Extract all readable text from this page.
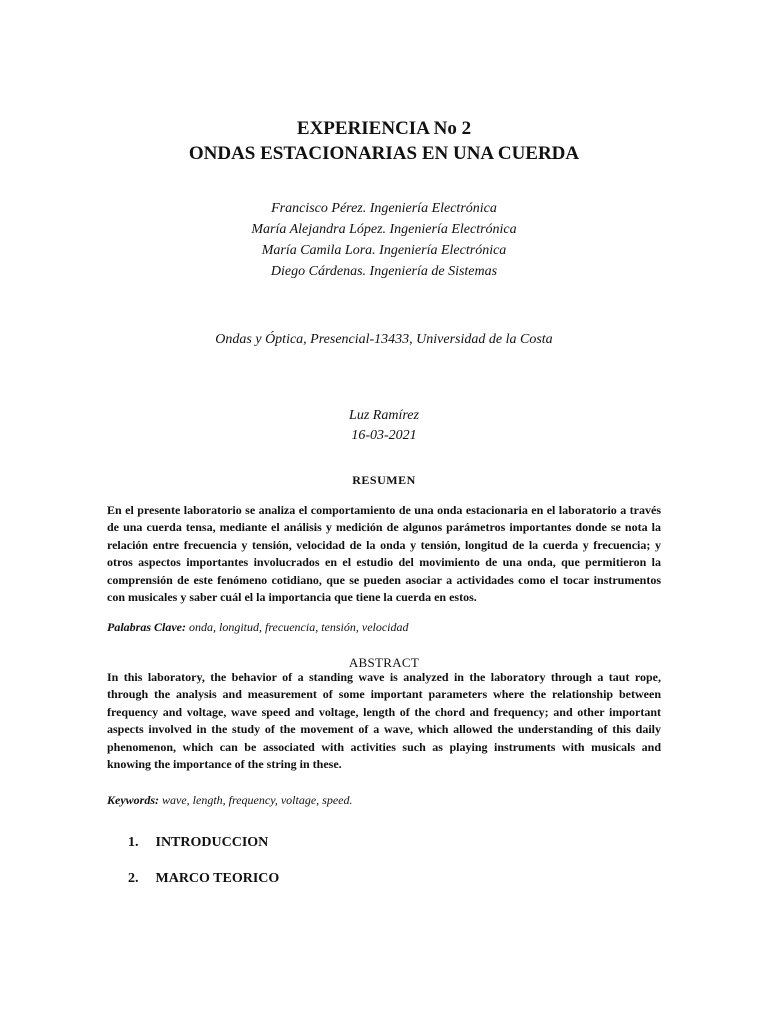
EXPERIENCIA No 2
ONDAS ESTACIONARIAS EN UNA CUERDA
Francisco Pérez. Ingeniería Electrónica
María Alejandra López. Ingeniería Electrónica
María Camila Lora. Ingeniería Electrónica
Diego Cárdenas. Ingeniería de Sistemas
Ondas y Óptica, Presencial-13433, Universidad de la Costa
Luz Ramírez
16-03-2021
RESUMEN
En el presente laboratorio se analiza el comportamiento de una onda estacionaria en el laboratorio a través de una cuerda tensa, mediante el análisis y medición de algunos parámetros importantes donde se nota la relación entre frecuencia y tensión, velocidad de la onda y tensión, longitud de la cuerda y frecuencia; y otros aspectos importantes involucrados en el estudio del movimiento de una onda, que permitieron la comprensión de este fenómeno cotidiano, que se pueden asociar a actividades como el tocar instrumentos con musicales y saber cuál el la importancia que tiene la cuerda en estos.
Palabras Clave: onda, longitud, frecuencia, tensión, velocidad
ABSTRACT
In this laboratory, the behavior of a standing wave is analyzed in the laboratory through a taut rope, through the analysis and measurement of some important parameters where the relationship between frequency and voltage, wave speed and voltage, length of the chord and frequency; and other important aspects involved in the study of the movement of a wave, which allowed the understanding of this daily phenomenon, which can be associated with activities such as playing instruments with musicals and knowing the importance of the string in these.
Keywords: wave, length, frequency, voltage, speed.
1. INTRODUCCION
2. MARCO TEORICO
